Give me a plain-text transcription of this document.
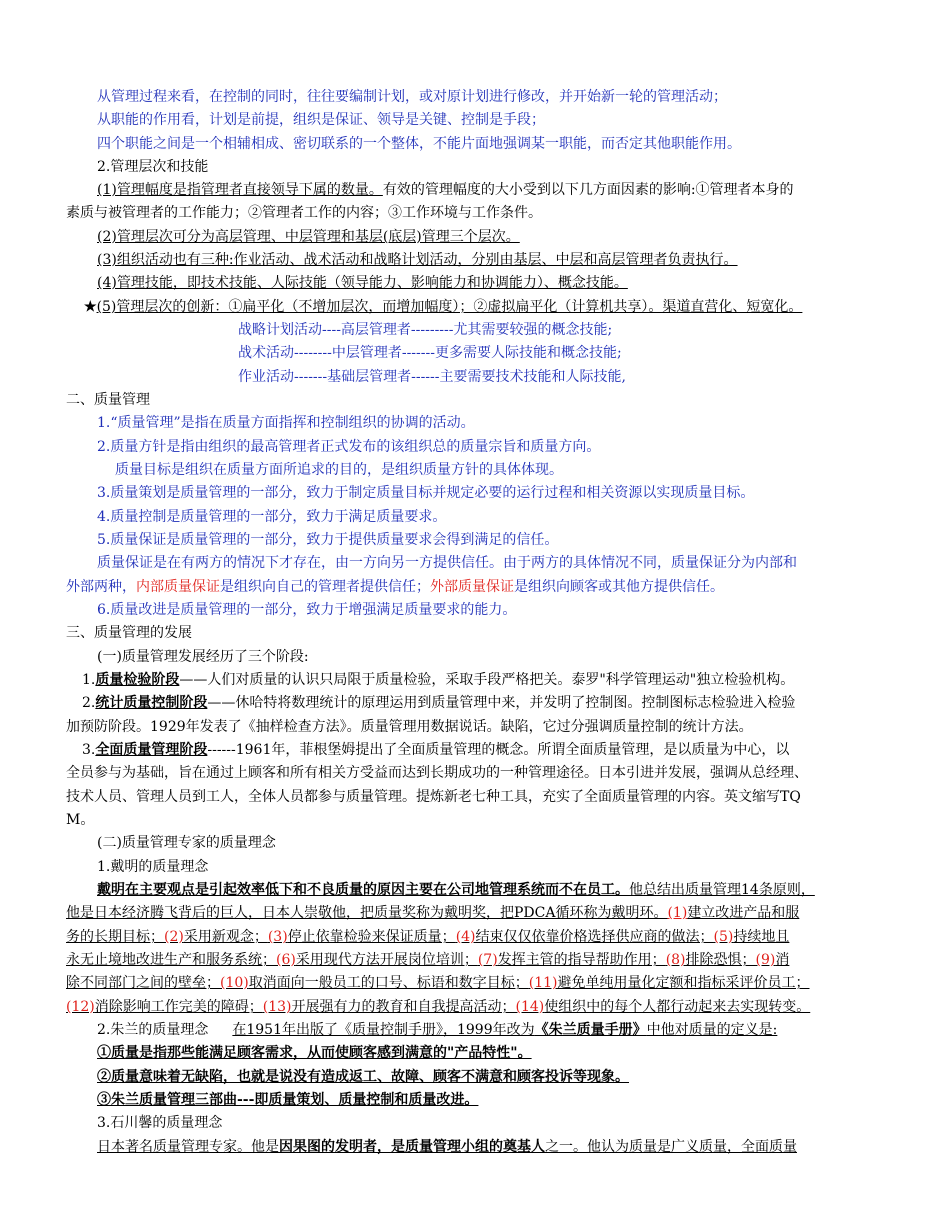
从管理过程来看，在控制的同时，往往要编制计划，或对原计划进行修改，并开始新一轮的管理活动；
从职能的作用看，计划是前提，组织是保证、领导是关键、控制是手段；
四个职能之间是一个相辅相成、密切联系的一个整体，不能片面地强调某一职能，而否定其他职能作用。
2.管理层次和技能
(1)管理幅度是指管理者直接领导下属的数量。有效的管理幅度的大小受到以下几方面因素的影响:①管理者本身的
素质与被管理者的工作能力；②管理者工作的内容；③工作环境与工作条件。
(2)管理层次可分为高层管理、中层管理和基层(底层)管理三个层次。
(3)组织活动也有三种:作业活动、战术活动和战略计划活动，分别由基层、中层和高层管理者负责执行。
(4)管理技能，即技术技能、人际技能（领导能力、影响能力和协调能力）、概念技能。
★(5)管理层次的创新：①扁平化（不增加层次，而增加幅度）；②虚拟扁平化（计算机共享）。渠道直营化、短宽化。
战略计划活动----高层管理者---------尤其需要较强的概念技能;
战术活动--------中层管理者-------更多需要人际技能和概念技能;
作业活动-------基础层管理者------主要需要技术技能和人际技能,
二、质量管理
1.“质量管理”是指在质量方面指挥和控制组织的协调的活动。
2.质量方针是指由组织的最高管理者正式发布的该组织总的质量宗旨和质量方向。
质量目标是组织在质量方面所追求的目的，是组织质量方针的具体体现。
3.质量策划是质量管理的一部分，致力于制定质量目标并规定必要的运行过程和相关资源以实现质量目标。
4.质量控制是质量管理的一部分，致力于满足质量要求。
5.质量保证是质量管理的一部分，致力于提供质量要求会得到满足的信任。
质量保证是在有两方的情况下才存在，由一方向另一方提供信任。由于两方的具体情况不同，质量保证分为内部和
外部两种，内部质量保证是组织向自己的管理者提供信任；外部质量保证是组织向顾客或其他方提供信任。
6.质量改进是质量管理的一部分，致力于增强满足质量要求的能力。
三、质量管理的发展
(一)质量管理发展经历了三个阶段:
1.质量检验阶段——人们对质量的认识只局限于质量检验，采取手段严格把关。泰罗"科学管理运动"独立检验机构。
2.统计质量控制阶段——休哈特将数理统计的原理运用到质量管理中来，并发明了控制图。控制图标志检验进入检验
加预防阶段。1929年发表了《抽样检查方法》。质量管理用数据说话。缺陷，它过分强调质量控制的统计方法。
3.全面质量管理阶段------1961年，菲根堡姆提出了全面质量管理的概念。所谓全面质量管理，是以质量为中心，以
全员参与为基础，旨在通过上顾客和所有相关方受益而达到长期成功的一种管理途径。日本引进并发展，强调从总经理、
技术人员、管理人员到工人，全体人员都参与质量管理。提炼新老七种工具，充实了全面质量管理的内容。英文缩写TQ
M。
(二)质量管理专家的质量理念
1.戴明的质量理念
戴明在主要观点是引起效率低下和不良质量的原因主要在公司地管理系统而不在员工。他总结出质量管理14条原则，
他是日本经济腾飞背后的巨人，日本人崇敬他，把质量奖称为戴明奖，把PDCA循环称为戴明环。(1)建立改进产品和服
务的长期目标；(2)采用新观念；(3)停止依靠检验来保证质量；(4)结束仅仅依靠价格选择供应商的做法；(5)持续地且
永无止境地改进生产和服务系统；(6)采用现代方法开展岗位培训；(7)发挥主管的指导帮助作用；(8)排除恐惧；(9)消
除不同部门之间的壁垒；(10)取消面向一般员工的口号、标语和数字目标；(11)避免单纯用量化定额和指标采评价员工；
(12)消除影响工作完美的障碍；(13)开展强有力的教育和自我提高活动；(14)使组织中的每个人都行动起来去实现转变。
2.朱兰的质量理念 在1951年出版了《质量控制手册》，1999年改为《朱兰质量手册》中他对质量的定义是:
①质量是指那些能满足顾客需求，从而使顾客感到满意的"产品特性"。
②质量意味着无缺陷，也就是说没有造成返工、故障、顾客不满意和顾客投诉等现象。
③朱兰质量管理三部曲---即质量策划、质量控制和质量改进。
3.石川馨的质量理念
日本著名质量管理专家。他是因果图的发明者，是质量管理小组的奠基人之一。他认为质量是广义质量，全面质量
